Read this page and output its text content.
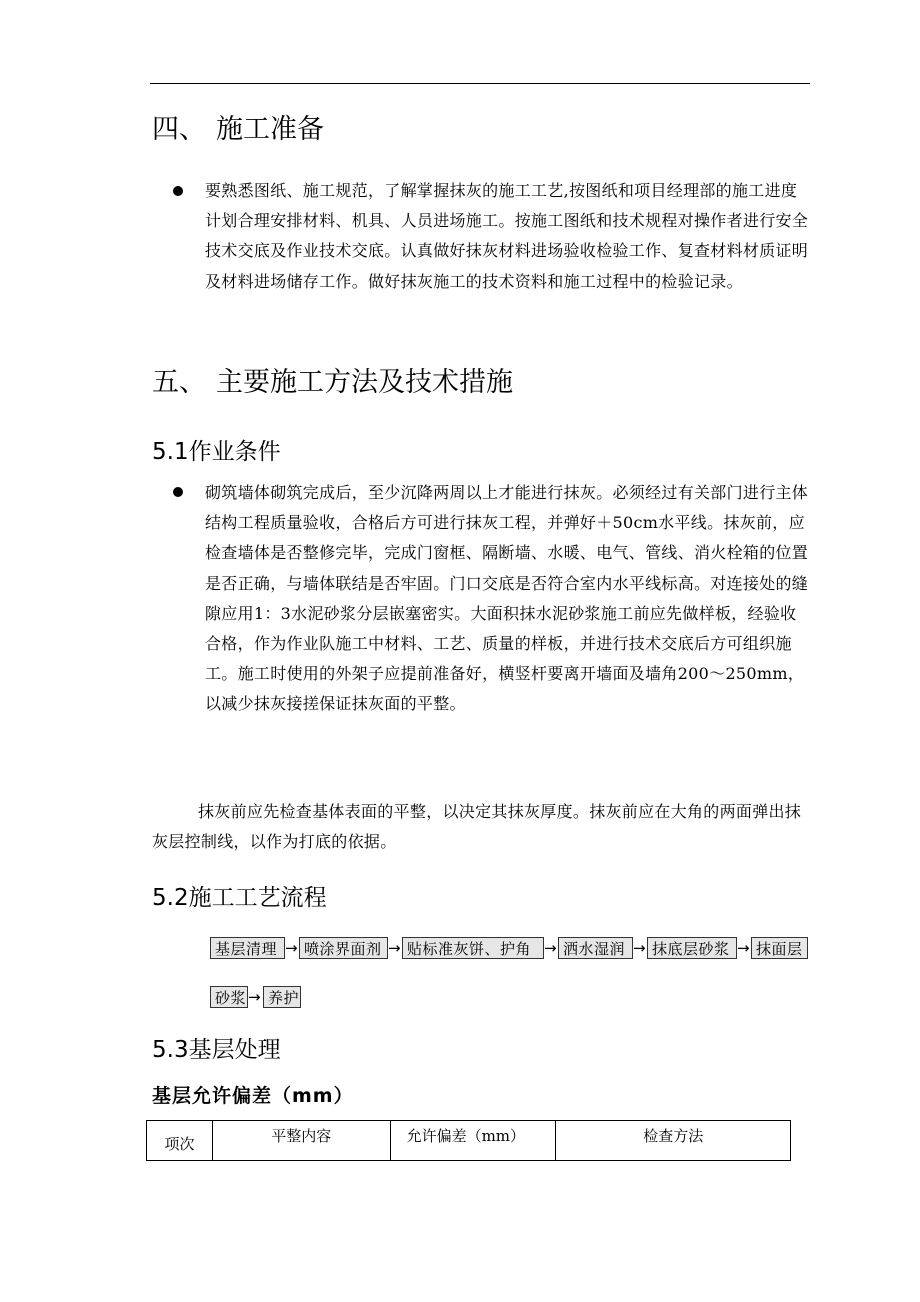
四、 施工准备

要熟悉图纸、施工规范，了解掌握抹灰的施工工艺,按图纸和项目经理部的施工进度计划合理安排材料、机具、人员进场施工。按施工图纸和技术规程对操作者进行安全技术交底及作业技术交底。认真做好抹灰材料进场验收检验工作、复查材料材质证明及材料进场储存工作。做好抹灰施工的技术资料和施工过程中的检验记录。

五、 主要施工方法及技术措施
5.1作业条件

砌筑墙体砌筑完成后，至少沉降两周以上才能进行抹灰。必须经过有关部门进行主体结构工程质量验收，合格后方可进行抹灰工程，并弹好＋50cm水平线。抹灰前，应检查墙体是否整修完毕，完成门窗框、隔断墙、水暖、电气、管线、消火栓箱的位置是否正确，与墙体联结是否牢固。门口交底是否符合室内水平线标高。对连接处的缝隙应用1：3水泥砂浆分层嵌塞密实。大面积抹水泥砂浆施工前应先做样板，经验收合格，作为作业队施工中材料、工艺、质量的样板，并进行技术交底后方可组织施工。施工时使用的外架子应提前准备好，横竖杆要离开墙面及墙角200～250mm，以减少抹灰接搓保证抹灰面的平整。

抹灰前应先检查基体表面的平整，以决定其抹灰厚度。抹灰前应在大角的两面弹出抹灰层控制线，以作为打底的依据。

5.2施工工艺流程
基层清理 → 喷涂界面剂 → 贴标准灰饼、护角 → 洒水湿润 → 抹底层砂浆 → 抹面层
砂浆 → 养护
5.3基层处理
基层允许偏差（mm）
项次	平整内容	允许偏差（mm）	检查方法
